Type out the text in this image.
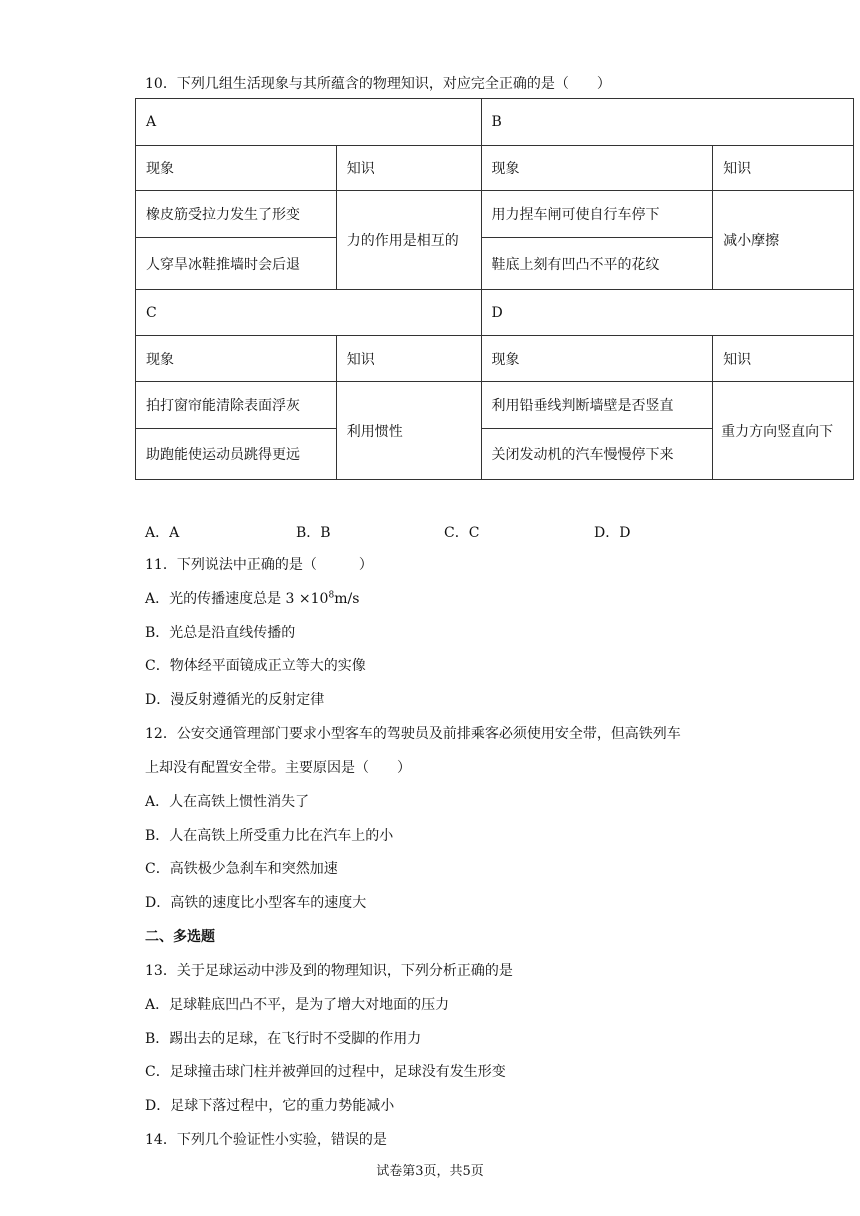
10．下列几组生活现象与其所蕴含的物理知识，对应完全正确的是（　　）
A		B	
现象	知识	现象	知识
橡皮筋受拉力发生了形变	力的作用是相互的	用力捏车闸可使自行车停下	减小摩擦
人穿旱冰鞋推墙时会后退		鞋底上刻有凹凸不平的花纹	
C		D	
现象	知识	现象	知识
拍打窗帘能清除表面浮灰	利用惯性	利用铅垂线判断墙壁是否竖直	重力方向竖直向下
助跑能使运动员跳得更远		关闭发动机的汽车慢慢停下来	
A．A	B．B	C．C	D．D
11．下列说法中正确的是（　　　）
A．光的传播速度总是 $3 \times 10^8m/s$
B．光总是沿直线传播的
C．物体经平面镜成正立等大的实像
D．漫反射遵循光的反射定律
12．公安交通管理部门要求小型客车的驾驶员及前排乘客必须使用安全带，但高铁列车
上却没有配置安全带。主要原因是（　　）
A．人在高铁上惯性消失了
B．人在高铁上所受重力比在汽车上的小
C．高铁极少急刹车和突然加速
D．高铁的速度比小型客车的速度大
二、多选题
13．关于足球运动中涉及到的物理知识，下列分析正确的是
A．足球鞋底凹凸不平，是为了增大对地面的压力
B．踢出去的足球，在飞行时不受脚的作用力
C．足球撞击球门柱并被弹回的过程中，足球没有发生形变
D．足球下落过程中，它的重力势能减小
14．下列几个验证性小实验，错误的是
试卷第3页，共5页
